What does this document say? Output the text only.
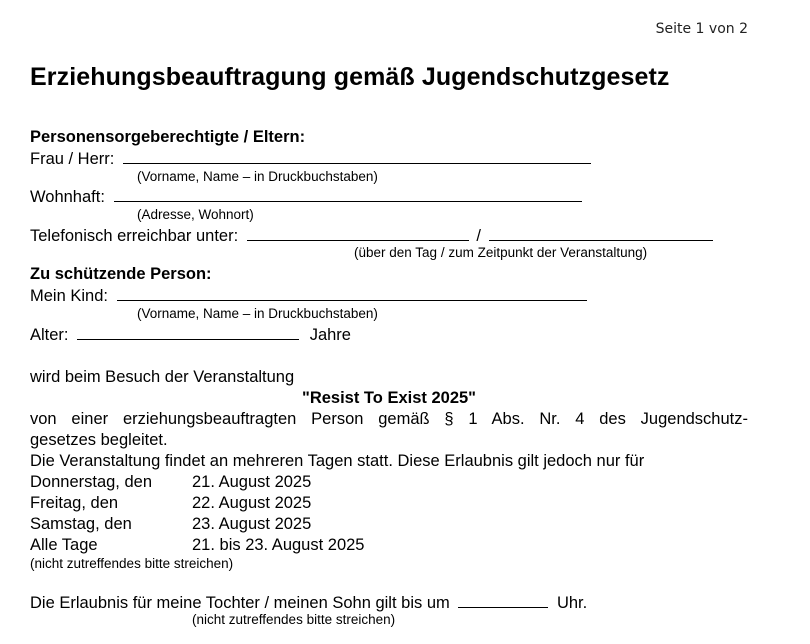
Seite 1 von 2
Erziehungsbeauftragung gemäß Jugendschutzgesetz
Personensorgeberechtigte / Eltern:
Frau / Herr:
(Vorname, Name – in Druckbuchstaben)
Wohnhaft:
(Adresse, Wohnort)
Telefonisch erreichbar unter:	/
(über den Tag / zum Zeitpunkt der Veranstaltung)
Zu schützende Person:
Mein Kind:
(Vorname, Name – in Druckbuchstaben)
Alter:	Jahre
wird beim Besuch der Veranstaltung
"Resist To Exist 2025"
von einer erziehungsbeauftragten Person gemäß § 1 Abs. Nr. 4 des Jugendschutz-
gesetzes begleitet.
Die Veranstaltung findet an mehreren Tagen statt. Diese Erlaubnis gilt jedoch nur für
Donnerstag, den 21. August 2025
Freitag, den	22. August 2025
Samstag, den	23. August 2025
Alle Tage	21. bis 23. August 2025
(nicht zutreffendes bitte streichen)
Die Erlaubnis für meine Tochter / meinen Sohn gilt bis um	Uhr.
(nicht zutreffendes bitte streichen)
